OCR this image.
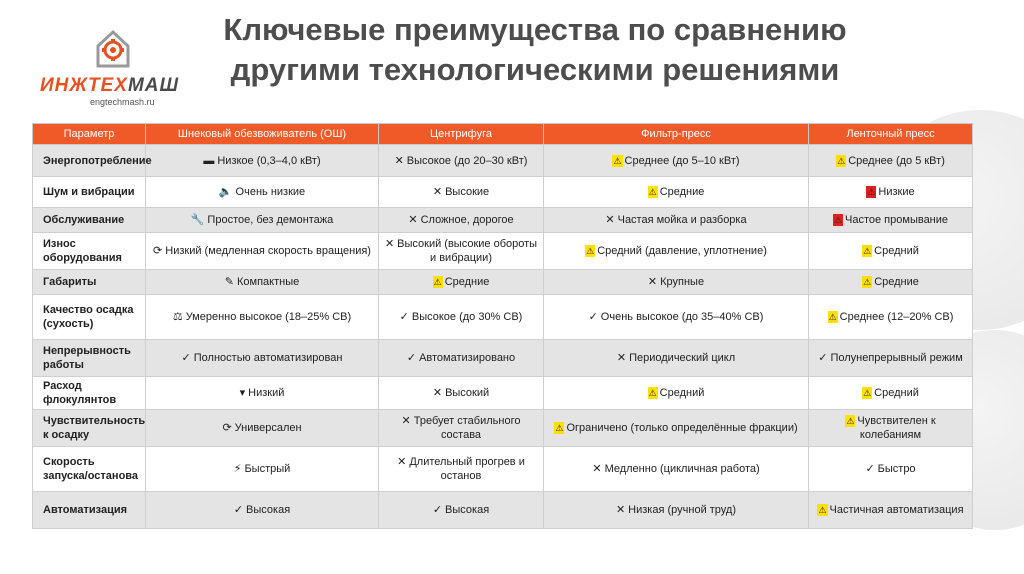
ИНЖТЕХМАШ
engtechmash.ru
Ключевые преимущества по сравнению
другими технологическими решениями
Параметр	Шнековый обезвоживатель (ОШ)	Центрифуга	Фильтр-пресс	Ленточный пресс
Энергопотребление	▬ Низкое (0,3–4,0 кВт)	✕ Высокое (до 20–30 кВт)	⚠ Среднее (до 5–10 кВт)	⚠ Среднее (до 5 кВт)
Шум и вибрации	🔈 Очень низкие	✕ Высокие	⚠ Средние	⚠ Низкие
Обслуживание	🔧 Простое, без демонтажа	✕ Сложное, дорогое	✕ Частая мойка и разборка	⚠ Частое промывание
Износ оборудования	⟳ Низкий (медленная скорость вращения)	✕ Высокий (высокие обороты и вибрации)	⚠ Средний (давление, уплотнение)	⚠ Средний
Габариты	✎ Компактные	⚠ Средние	✕ Крупные	⚠ Средние
Качество осадка (сухость)	⚖ Умеренно высокое (18–25% СВ)	✓ Высокое (до 30% СВ)	✓ Очень высокое (до 35–40% СВ)	⚠ Среднее (12–20% СВ)
Непрерывность работы	✓ Полностью автоматизирован	✓ Автоматизировано	✕ Периодический цикл	✓ Полунепрерывный режим
Расход флокулянтов	▾ Низкий	✕ Высокий	⚠ Средний	⚠ Средний
Чувствительность к осадку	⟳ Универсален	✕ Требует стабильного состава	⚠ Ограничено (только определённые фракции)	⚠ Чувствителен к колебаниям
Скорость запуска/останова	⚡ Быстрый	✕ Длительный прогрев и останов	✕ Медленно (цикличная работа)	✓ Быстро
Автоматизация	✓ Высокая	✓ Высокая	✕ Низкая (ручной труд)	⚠ Частичная автоматизация
